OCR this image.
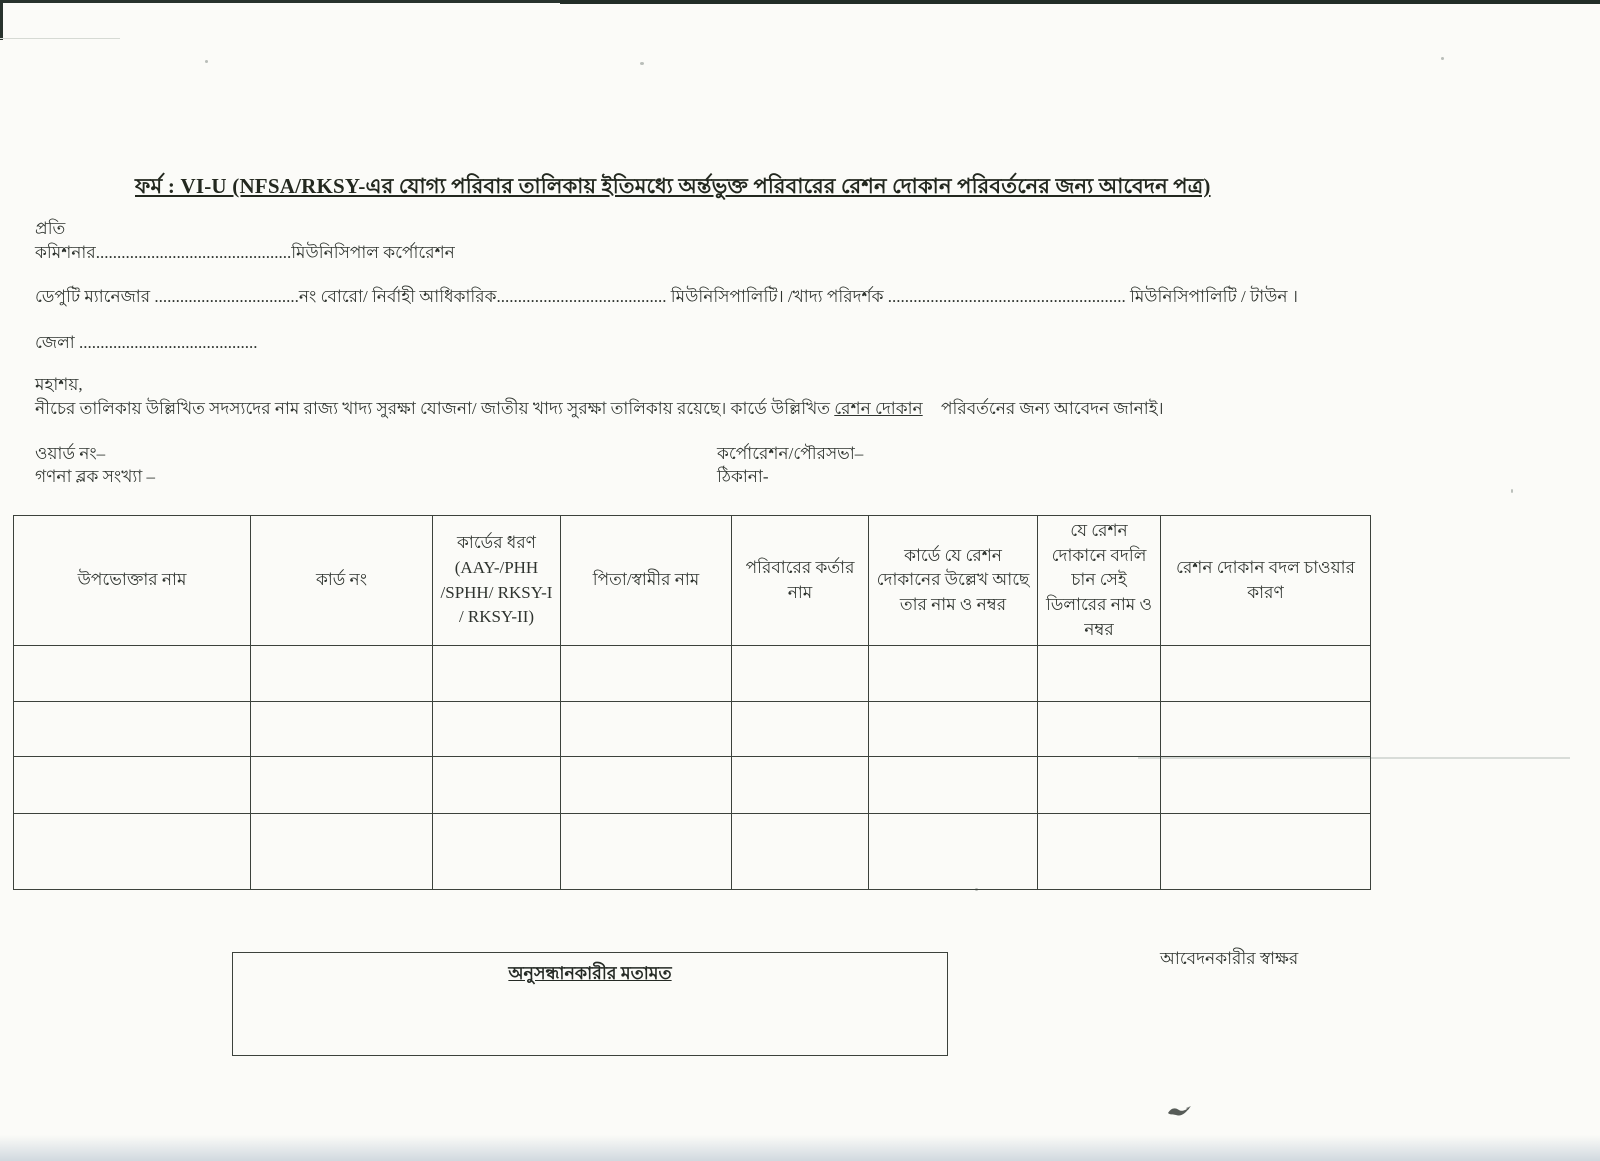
ফর্ম : VI-U (NFSA/RKSY-এর যোগ্য পরিবার তালিকায় ইতিমধ্যে অর্ন্তভুক্ত পরিবারের রেশন দোকান পরিবর্তনের জন্য আবেদন পত্র)
প্রতি
কমিশনার..............................................মিউনিসিপাল কর্পোরেশন
ডেপুটি ম্যানেজার ..................................নং বোরো/ নির্বাহী আধিকারিক........................................ মিউনিসিপালিটি। /খাদ্য পরিদর্শক ........................................................ মিউনিসিপালিটি / টাউন ।
জেলা ..........................................
মহাশয়,
নীচের তালিকায় উল্লিখিত সদস্যদের নাম রাজ্য খাদ্য সুরক্ষা যোজনা/ জাতীয় খাদ্য সুরক্ষা তালিকায় রয়েছে। কার্ডে উল্লিখিত রেশন দোকান পরিবর্তনের জন্য আবেদন জানাই।
ওয়ার্ড নং–
গণনা ব্লক সংখ্যা –
কর্পোরেশন/পৌরসভা–
ঠিকানা-
উপভোক্তার নাম	কার্ড নং	কার্ডের ধরণ (AAY-/PHH /SPHH/ RKSY-I / RKSY-II)	পিতা/স্বামীর নাম	পরিবারের কর্তার নাম	কার্ডে যে রেশন দোকানের উল্লেখ আছে তার নাম ও নম্বর	যে রেশন দোকানে বদলি চান সেই ডিলারের নাম ও নম্বর	রেশন দোকান বদল চাওয়ার কারণ

অনুসন্ধানকারীর মতামত
আবেদনকারীর স্বাক্ষর
